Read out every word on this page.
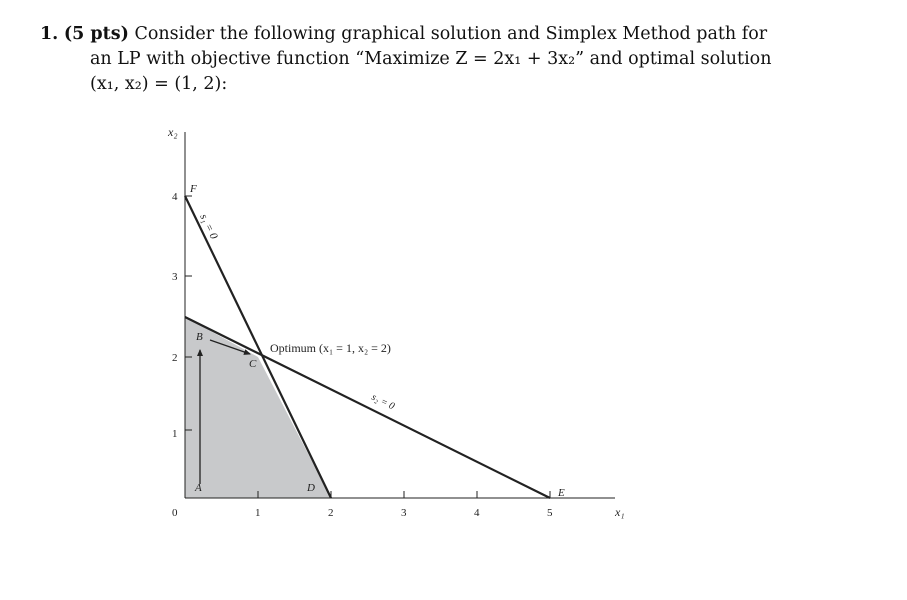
1. (5 pts) Consider the following graphical solution and Simplex Method path for
an LP with objective function “Maximize Z = 2x₁ + 3x₂” and optimal solution
(x₁, x₂) = (1, 2):
x₂
x₁
0	1	2	3	4	5
1
2
3
4
F
B
C
A	D	E
s₁ = 0
s₂ = 0
Optimum (x₁ = 1, x₂ = 2)
